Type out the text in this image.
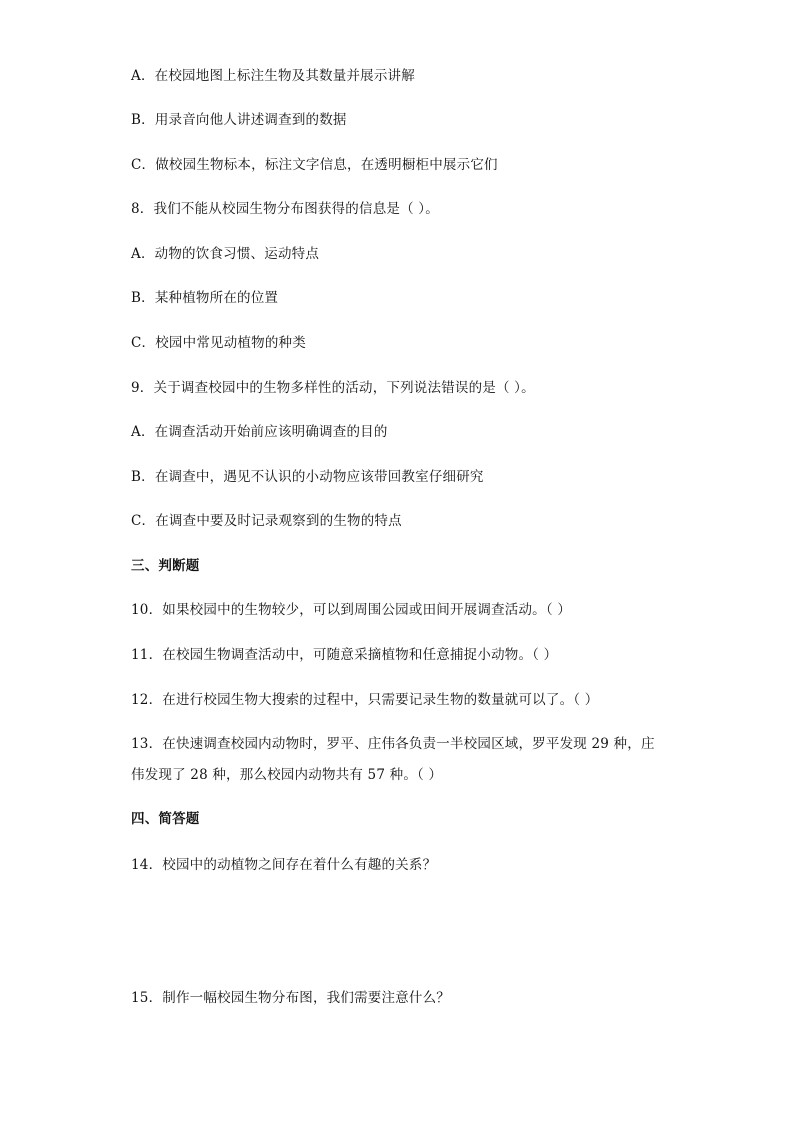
A．在校园地图上标注生物及其数量并展示讲解
B．用录音向他人讲述调查到的数据
C．做校园生物标本，标注文字信息，在透明橱柜中展示它们
8．我们不能从校园生物分布图获得的信息是（ ）。
A．动物的饮食习惯、运动特点
B．某种植物所在的位置
C．校园中常见动植物的种类
9．关于调查校园中的生物多样性的活动，下列说法错误的是（ ）。
A．在调查活动开始前应该明确调查的目的
B．在调查中，遇见不认识的小动物应该带回教室仔细研究
C．在调查中要及时记录观察到的生物的特点
三、判断题
10．如果校园中的生物较少，可以到周围公园或田间开展调查活动。（ ）
11．在校园生物调查活动中，可随意采摘植物和任意捕捉小动物。（ ）
12．在进行校园生物大搜索的过程中，只需要记录生物的数量就可以了。（ ）
13．在快速调查校园内动物时，罗平、庄伟各负责一半校园区域，罗平发现 29 种，庄
伟发现了 28 种，那么校园内动物共有 57 种。（ ）
四、简答题
14．校园中的动植物之间存在着什么有趣的关系？
15．制作一幅校园生物分布图，我们需要注意什么？
